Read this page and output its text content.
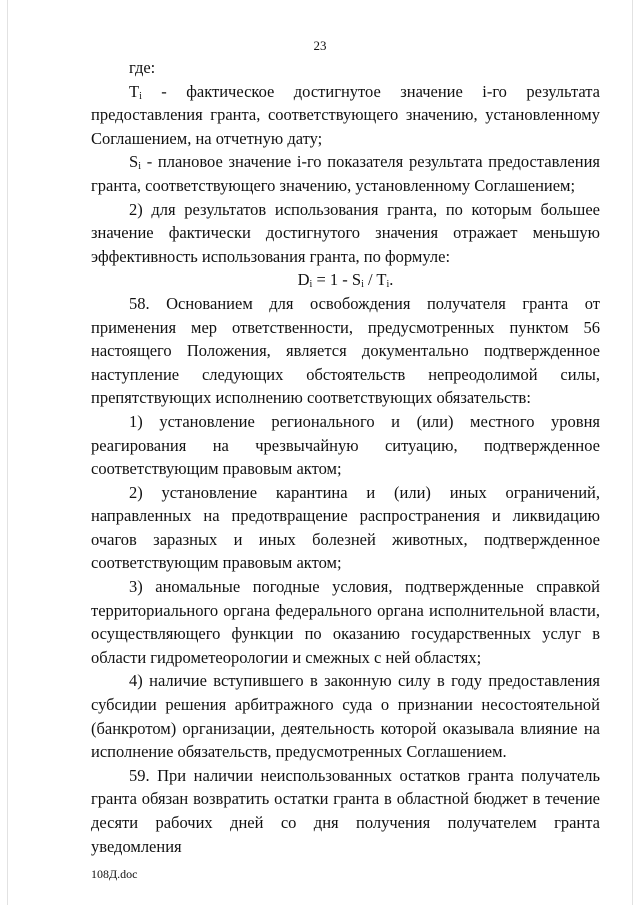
23

где:

$T_i$ - фактическое достигнутое значение i-го результата предоставления гранта, соответствующего значению, установленному Соглашением, на отчетную дату;

$S_i$ - плановое значение i-го показателя результата предоставления гранта, соответствующего значению, установленному Соглашением;

2) для результатов использования гранта, по которым большее значение фактически достигнутого значения отражает меньшую эффективность использования гранта, по формуле:

$D_i = 1 - S_i / T_i$.

58. Основанием для освобождения получателя гранта от применения мер ответственности, предусмотренных пунктом 56 настоящего Положения, является документально подтвержденное наступление следующих обстоятельств непреодолимой силы, препятствующих исполнению соответствующих обязательств:

1) установление регионального и (или) местного уровня реагирования на чрезвычайную ситуацию, подтвержденное соответствующим правовым актом;

2) установление карантина и (или) иных ограничений, направленных на предотвращение распространения и ликвидацию очагов заразных и иных болезней животных, подтвержденное соответствующим правовым актом;

3) аномальные погодные условия, подтвержденные справкой территориального органа федерального органа исполнительной власти, осуществляющего функции по оказанию государственных услуг в области гидрометеорологии и смежных с ней областях;

4) наличие вступившего в законную силу в году предоставления субсидии решения арбитражного суда о признании несостоятельной (банкротом) организации, деятельность которой оказывала влияние на исполнение обязательств, предусмотренных Соглашением.

59. При наличии неиспользованных остатков гранта получатель гранта обязан возвратить остатки гранта в областной бюджет в течение десяти рабочих дней со дня получения получателем гранта уведомления

108Д.doc
